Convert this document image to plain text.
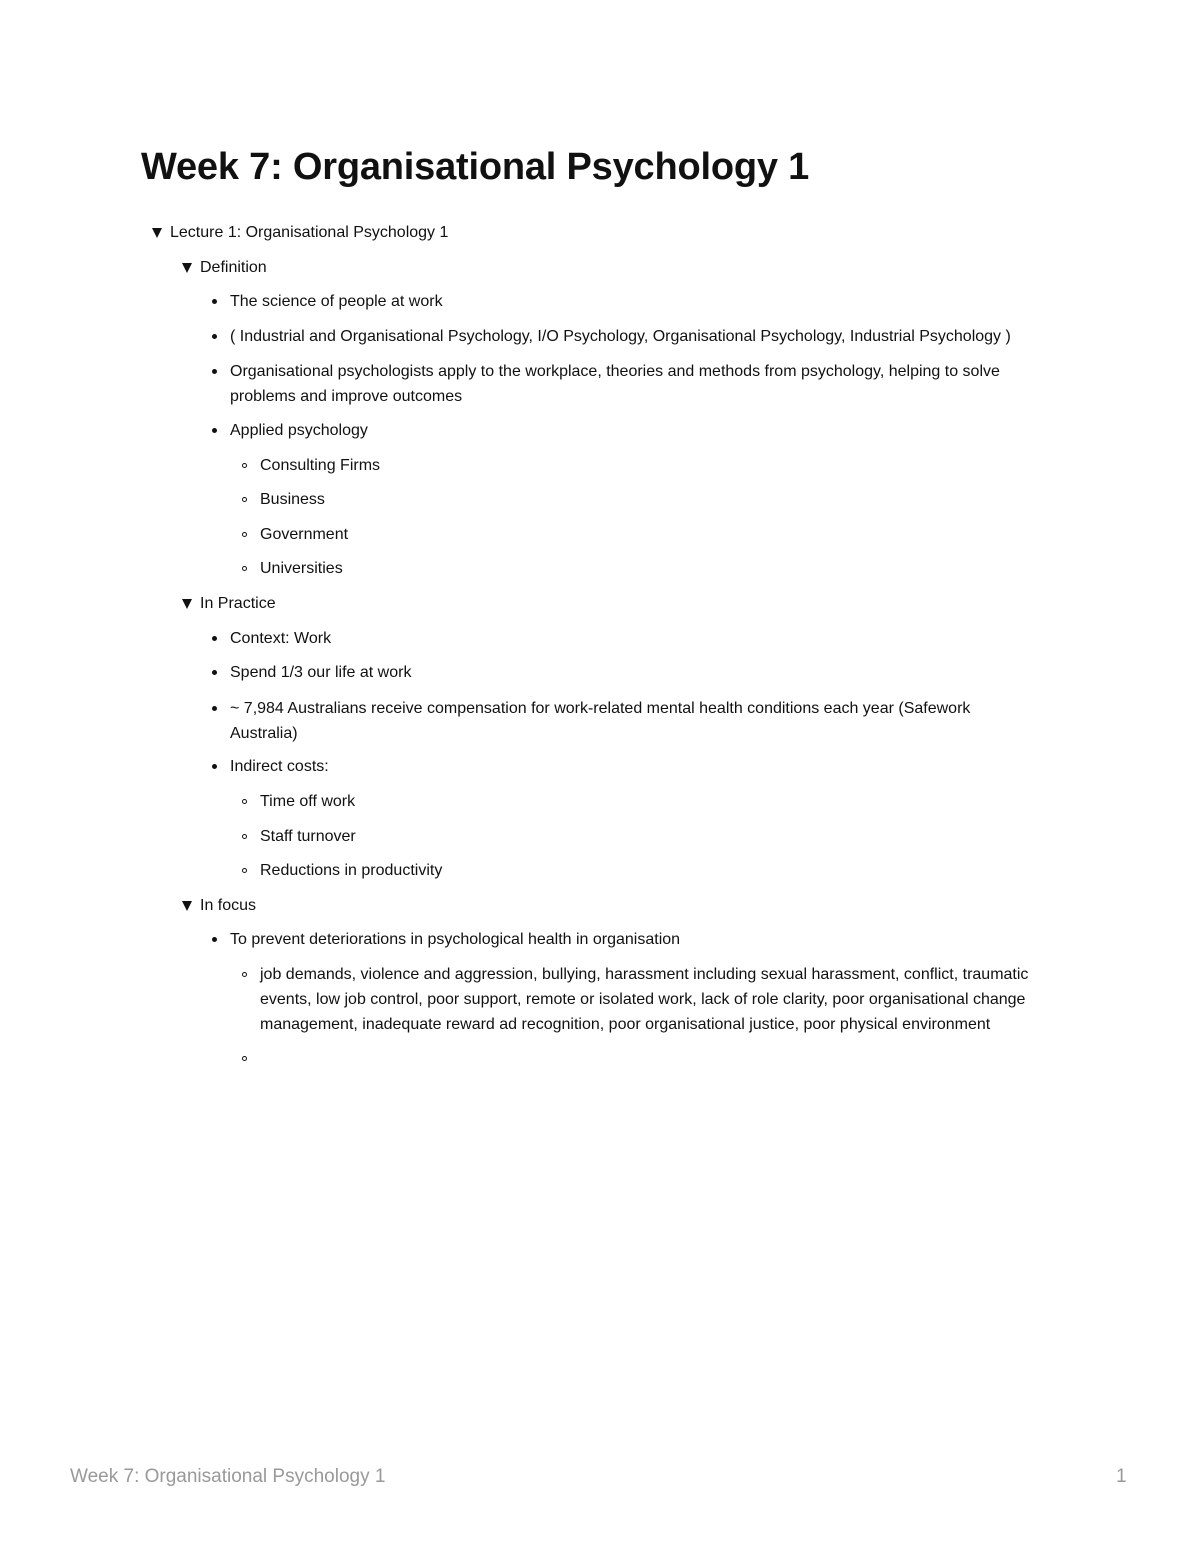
Week 7: Organisational Psychology 1
Lecture 1: Organisational Psychology 1
Definition
The science of people at work
( Industrial and Organisational Psychology, I/O Psychology, Organisational Psychology, Industrial Psychology )
Organisational psychologists apply to the workplace, theories and methods from psychology, helping to solve problems and improve outcomes
Applied psychology
Consulting Firms
Business
Government
Universities
In Practice
Context: Work
Spend 1/3 our life at work
~ 7,984 Australians receive compensation for work-related mental health conditions each year (Safework Australia)
Indirect costs:
Time off work
Staff turnover
Reductions in productivity
In focus
To prevent deteriorations in psychological health in organisation
job demands, violence and aggression, bullying, harassment including sexual harassment, conflict, traumatic events, low job control, poor support, remote or isolated work, lack of role clarity, poor organisational change management, inadequate reward ad recognition, poor organisational justice, poor physical environment
Week 7: Organisational Psychology 1	1
